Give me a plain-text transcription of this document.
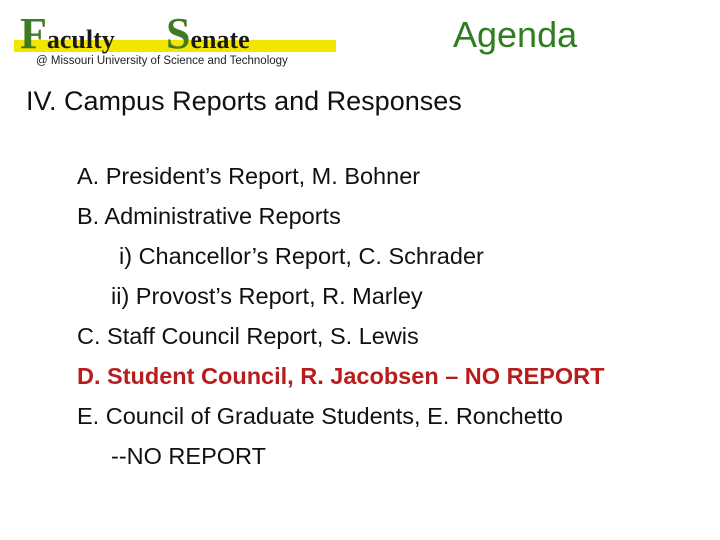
Faculty Senate
@ Missouri University of Science and Technology
Agenda
IV. Campus Reports and Responses
A. President’s Report, M. Bohner
B. Administrative Reports
i) Chancellor’s Report, C. Schrader
ii) Provost’s Report, R. Marley
C. Staff Council Report, S. Lewis
D. Student Council, R. Jacobsen – NO REPORT
E. Council of Graduate Students, E. Ronchetto
--NO REPORT
